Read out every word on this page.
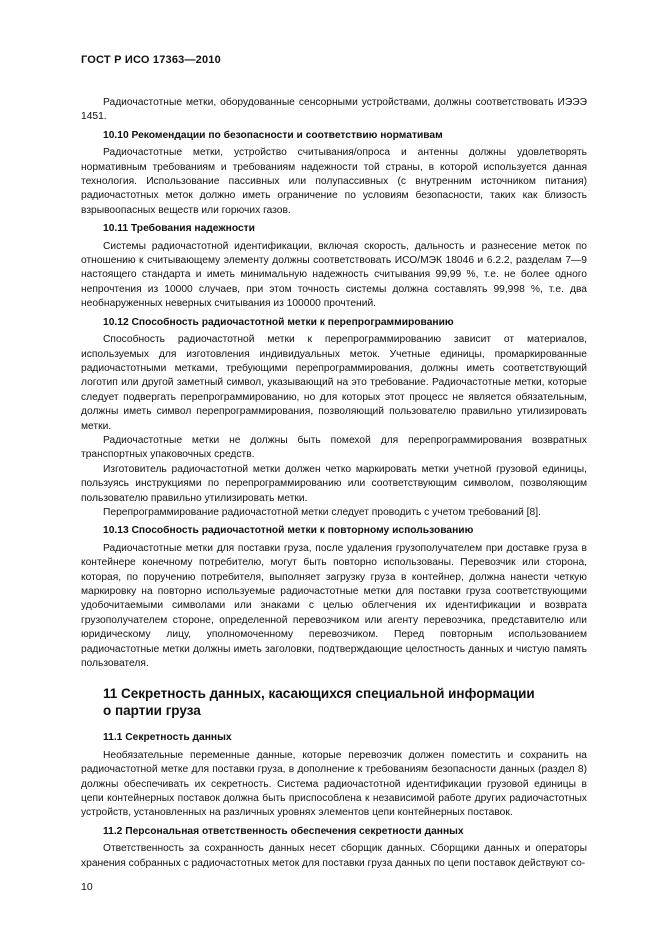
ГОСТ Р ИСО 17363—2010

Радиочастотные метки, оборудованные сенсорными устройствами, должны соответствовать ИЭЭЭ 1451.

10.10 Рекомендации по безопасности и соответствию нормативам

Радиочастотные метки, устройство считывания/опроса и антенны должны удовлетворять нормативным требованиям и требованиям надежности той страны, в которой используется данная технология. Использование пассивных или полупассивных (с внутренним источником питания) радиочастотных меток должно иметь ограничение по условиям безопасности, таких как близость взрывоопасных веществ или горючих газов.

10.11 Требования надежности

Системы радиочастотной идентификации, включая скорость, дальность и разнесение меток по отношению к считывающему элементу должны соответствовать ИСО/МЭК 18046 и 6.2.2, разделам 7—9 настоящего стандарта и иметь минимальную надежность считывания 99,99 %, т.е. не более одного непрочтения из 10000 случаев, при этом точность системы должна составлять 99,998 %, т.е. два необнаруженных неверных считывания из 100000 прочтений.

10.12 Способность радиочастотной метки к перепрограммированию

Способность радиочастотной метки к перепрограммированию зависит от материалов, используемых для изготовления индивидуальных меток. Учетные единицы, промаркированные радиочастотными метками, требующими перепрограммирования, должны иметь соответствующий логотип или другой заметный символ, указывающий на это требование. Радиочастотные метки, которые следует подвергать перепрограммированию, но для которых этот процесс не является обязательным, должны иметь символ перепрограммирования, позволяющий пользователю правильно утилизировать метки.

Радиочастотные метки не должны быть помехой для перепрограммирования возвратных транспортных упаковочных средств.

Изготовитель радиочастотной метки должен четко маркировать метки учетной грузовой единицы, пользуясь инструкциями по перепрограммированию или соответствующим символом, позволяющим пользователю правильно утилизировать метки.

Перепрограммирование радиочастотной метки следует проводить с учетом требований [8].

10.13 Способность радиочастотной метки к повторному использованию

Радиочастотные метки для поставки груза, после удаления грузополучателем при доставке груза в контейнере конечному потребителю, могут быть повторно использованы. Перевозчик или сторона, которая, по поручению потребителя, выполняет загрузку груза в контейнер, должна нанести четкую маркировку на повторно используемые радиочастотные метки для поставки груза соответствующими удобочитаемыми символами или знаками с целью облегчения их идентификации и возврата грузополучателем стороне, определенной перевозчиком или агенту перевозчика, представителю или юридическому лицу, уполномоченному перевозчиком. Перед повторным использованием радиочастотные метки должны иметь заголовки, подтверждающие целостность данных и чистую память пользователя.

11 Секретность данных, касающихся специальной информации
о партии груза
11.1 Секретность данных

Необязательные переменные данные, которые перевозчик должен поместить и сохранить на радиочастотной метке для поставки груза, в дополнение к требованиям безопасности данных (раздел 8) должны обеспечивать их секретность. Система радиочастотной идентификации грузовой единицы в цепи контейнерных поставок должна быть приспособлена к независимой работе других радиочастотных устройств, установленных на различных уровнях элементов цепи контейнерных поставок.

11.2 Персональная ответственность обеспечения секретности данных

Ответственность за сохранность данных несет сборщик данных. Сборщики данных и операторы хранения собранных с радиочастотных меток для поставки груза данных по цепи поставок действуют со-

10
